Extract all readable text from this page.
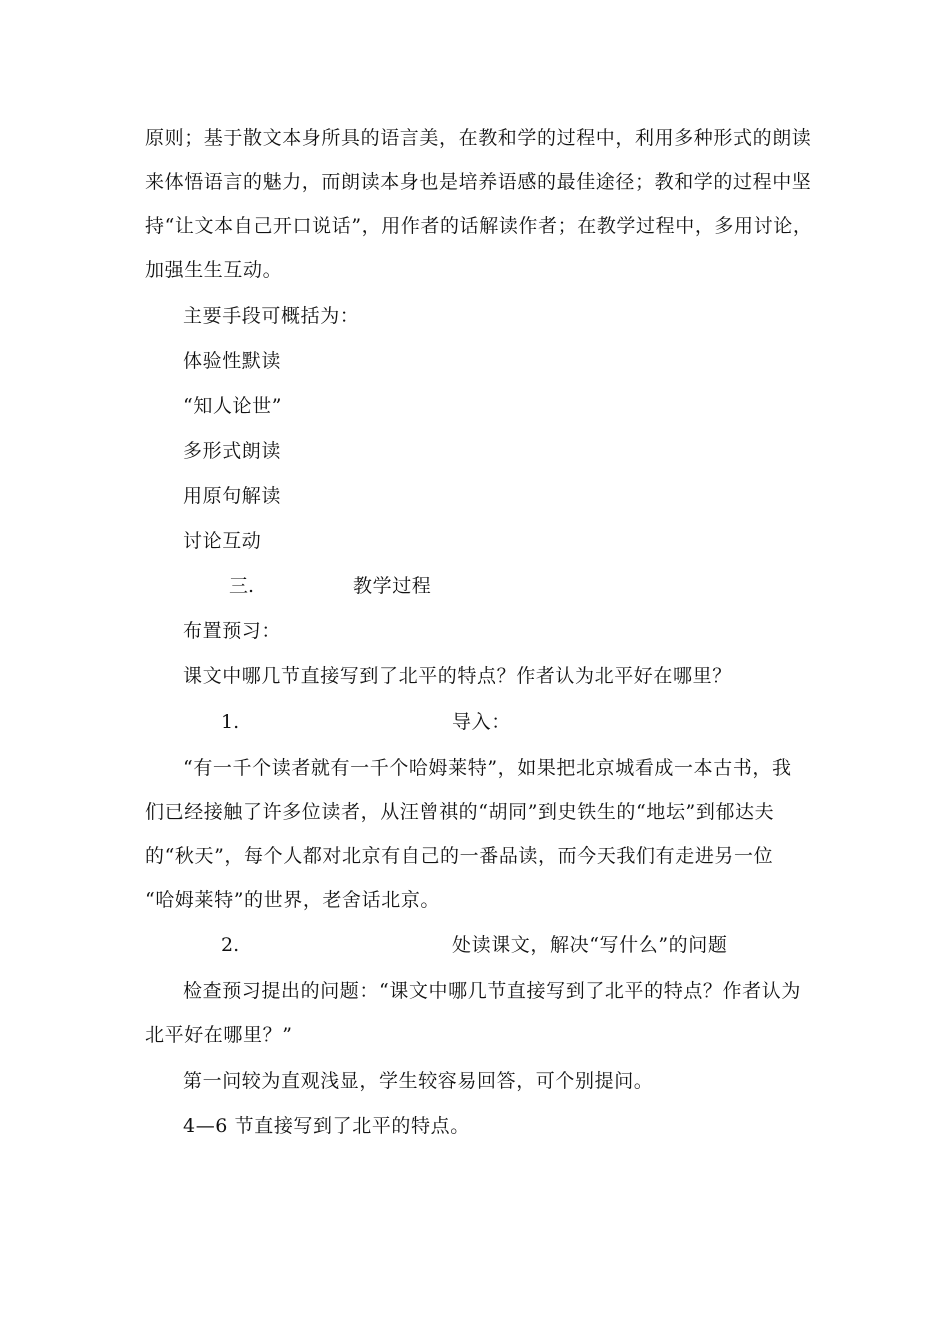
原则；基于散文本身所具的语言美，在教和学的过程中，利用多种形式的朗读
来体悟语言的魅力，而朗读本身也是培养语感的最佳途径；教和学的过程中坚
持“让文本自己开口说话”，用作者的话解读作者；在教学过程中，多用讨论，
加强生生互动。
主要手段可概括为：
体验性默读
“知人论世”
多形式朗读
用原句解读
讨论互动
三.	教学过程
布置预习：
课文中哪几节直接写到了北平的特点？作者认为北平好在哪里？
1.	导入：
“有一千个读者就有一千个哈姆莱特”，如果把北京城看成一本古书，我
们已经接触了许多位读者，从汪曾祺的“胡同”到史铁生的“地坛”到郁达夫
的“秋天”，每个人都对北京有自己的一番品读，而今天我们有走进另一位
“哈姆莱特”的世界，老舍话北京。
2.	处读课文，解决“写什么”的问题
检查预习提出的问题：“课文中哪几节直接写到了北平的特点？作者认为
北平好在哪里？”
第一问较为直观浅显，学生较容易回答，可个别提问。
4—6 节直接写到了北平的特点。
